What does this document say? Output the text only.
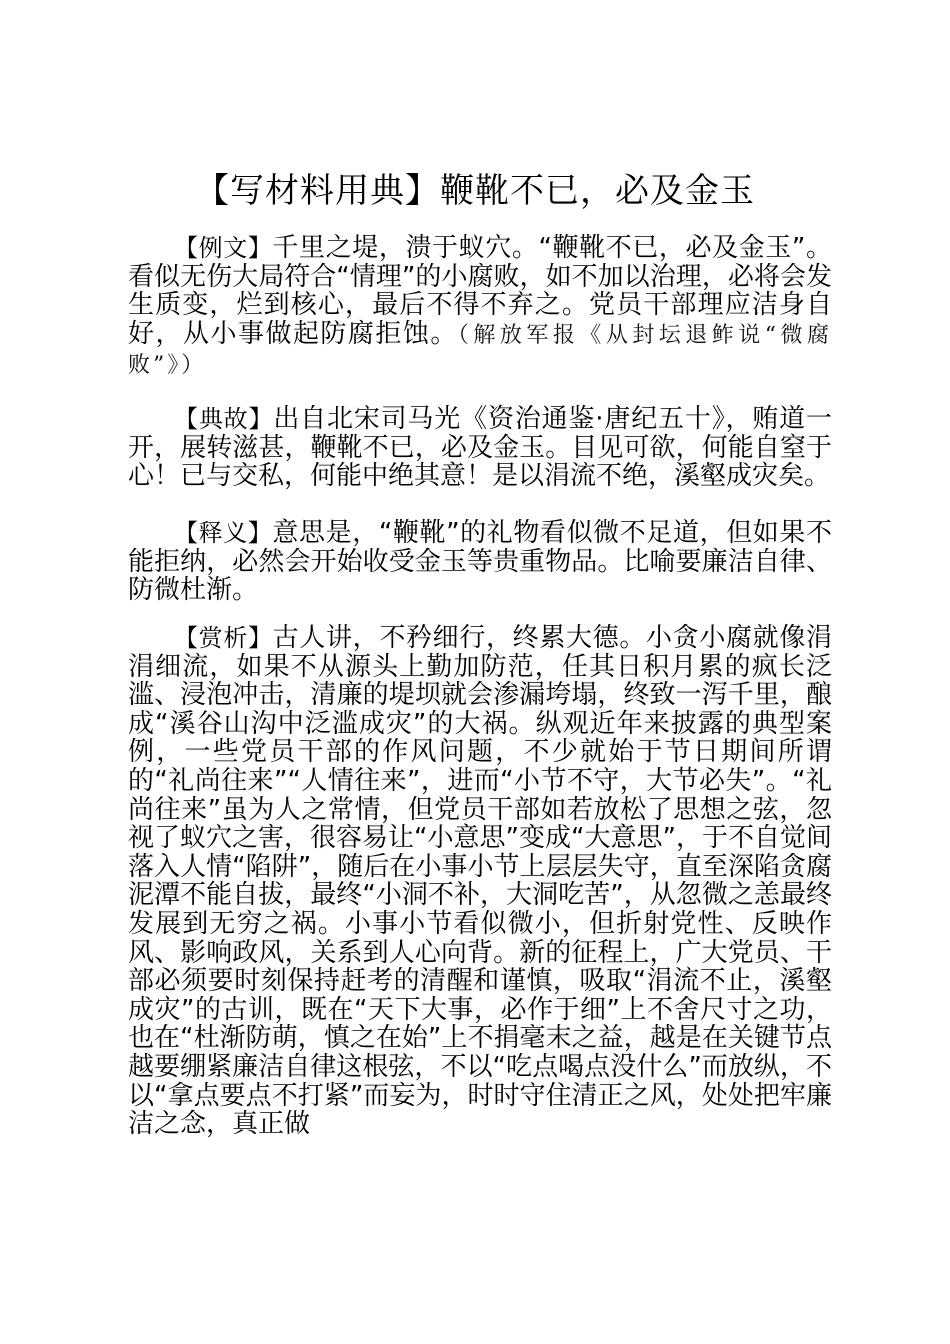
【写材料用典】鞭靴不已，必及金玉
【例文】千里之堤，溃于蚁穴。“鞭靴不已，必及金玉”。看似无伤大局符合“情理”的小腐败，如不加以治理，必将会发生质变，烂到核心，最后不得不弃之。党员干部理应洁身自好，从小事做起防腐拒蚀。（解放军报《从封坛退鲊说“微腐败”》）
【典故】出自北宋司马光《资治通鉴·唐纪五十》，贿道一开，展转滋甚，鞭靴不已，必及金玉。目见可欲，何能自窒于心！已与交私，何能中绝其意！是以涓流不绝，溪壑成灾矣。
【释义】意思是，“鞭靴”的礼物看似微不足道，但如果不能拒纳，必然会开始收受金玉等贵重物品。比喻要廉洁自律、防微杜渐。
【赏析】古人讲，不矜细行，终累大德。小贪小腐就像涓涓细流，如果不从源头上勤加防范，任其日积月累的疯长泛滥、浸泡冲击，清廉的堤坝就会渗漏垮塌，终致一泻千里，酿成“溪谷山沟中泛滥成灾”的大祸。纵观近年来披露的典型案例，一些党员干部的作风问题，不少就始于节日期间所谓的“礼尚往来”“人情往来”，进而“小节不守，大节必失”。“礼尚往来”虽为人之常情，但党员干部如若放松了思想之弦，忽视了蚁穴之害，很容易让“小意思”变成“大意思”，于不自觉间落入人情“陷阱”，随后在小事小节上层层失守，直至深陷贪腐泥潭不能自拔，最终“小洞不补，大洞吃苦”，从忽微之恙最终发展到无穷之祸。小事小节看似微小，但折射党性、反映作风、影响政风，关系到人心向背。新的征程上，广大党员、干部必须要时刻保持赶考的清醒和谨慎，吸取“涓流不止，溪壑成灾”的古训，既在“天下大事，必作于细”上不舍尺寸之功，也在“杜渐防萌，慎之在始”上不捐毫末之益，越是在关键节点越要绷紧廉洁自律这根弦，不以“吃点喝点没什么”而放纵，不以“拿点要点不打紧”而妄为，时时守住清正之风，处处把牢廉洁之念，真正做
